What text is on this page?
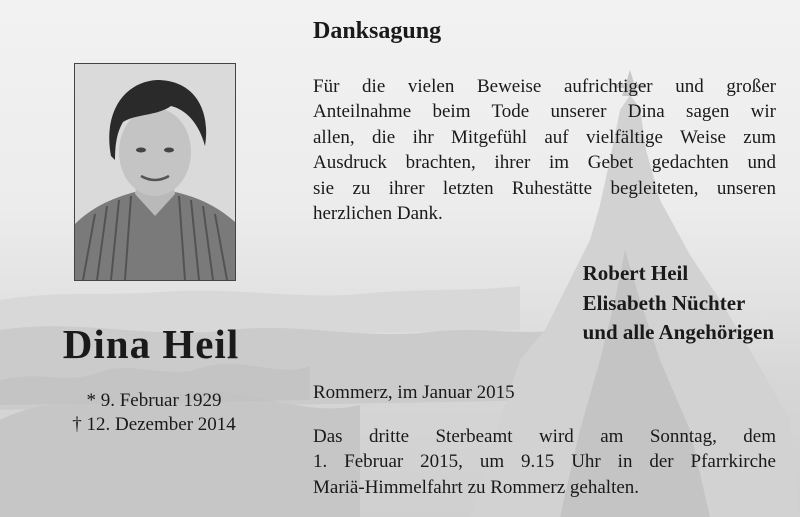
Dina Heil
* 9. Februar 1929
† 12. Dezember 2014
Danksagung
Für die vielen Beweise aufrichtiger und großer
Anteilnahme beim Tode unserer Dina sagen wir
allen, die ihr Mitgefühl auf vielfältige Weise zum
Ausdruck brachten, ihrer im Gebet gedachten und
sie zu ihrer letzten Ruhestätte begleiteten, unseren
herzlichen Dank.
Robert Heil
Elisabeth Nüchter
und alle Angehörigen
Rommerz, im Januar 2015
Das dritte Sterbeamt wird am Sonntag, dem
1. Februar 2015, um 9.15 Uhr in der Pfarrkirche
Mariä-Himmelfahrt zu Rommerz gehalten.
